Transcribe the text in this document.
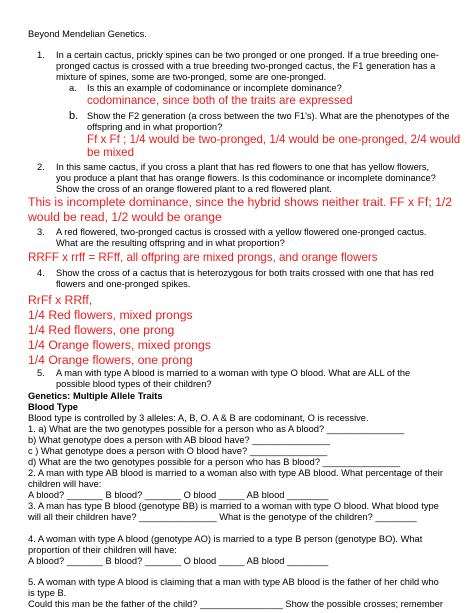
Beyond Mendelian Genetics.
1. In a certain cactus, prickly spines can be two pronged or one pronged. If a true breeding one-
pronged cactus is crossed with a true breeding two-pronged cactus, the F1 generation has a
mixture of spines, some are two-pronged, some are one-pronged.
a. Is this an example of codominance or incomplete dominance?
codominance, since both of the traits are expressed
b. Show the F2 generation (a cross between the two F1's). What are the phenotypes of the
offspring and in what proportion?
Ff x Ff ; 1/4 would be two-pronged, 1/4 would be one-pronged, 2/4 would
be mixed
2. In this same cactus, if you cross a plant that has red flowers to one that has yellow flowers,
you produce a plant that has orange flowers. Is this codominance or incomplete dominance?
Show the cross of an orange flowered plant to a red flowered plant.
This is incomplete dominance, since the hybrid shows neither trait. FF x Ff; 1/2
would be read, 1/2 would be orange
3. A red flowered, two-pronged cactus is crossed with a yellow flowered one-pronged cactus.
What are the resulting offspring and in what proportion?
RRFF x rrff = RFff, all offpring are mixed prongs, and orange flowers
4. Show the cross of a cactus that is heterozygous for both traits crossed with one that has red
flowers and one-pronged spikes.
RrFf x RRff,
1/4 Red flowers, mixed prongs
1/4 Red flowers, one prong
1/4 Orange flowers, mixed prongs
1/4 Orange flowers, one prong
5. A man with type A blood is married to a woman with type O blood. What are ALL of the
possible blood types of their children?
Genetics: Multiple Allele Traits
Blood Type
Blood type is controlled by 3 alleles: A, B, O. A & B are codominant, O is recessive.
1. a) What are the two genotypes possible for a person who as A blood? _______________
b) What genotype does a person with AB blood have? _______________
c ) What genotype does a person with O blood have? _______________
d) What are the two genotypes possible for a person who has B blood? _______________
2. A man with type AB blood is married to a woman also with type AB blood. What percentage of their
children will have:
A blood? _______ B blood? _______ O blood _____ AB blood ________
3. A man has type B blood (genotype BB) is married to a woman with type O blood. What blood type
will all their children have? _______________ What is the genotype of the children? ________
4. A woman with type A blood (genotype AO) is married to a type B person (genotype BO). What
proportion of their children will have:
A blood? _______ B blood? _______ O blood _____ AB blood ________
5. A woman with type A blood is claiming that a man with type AB blood is the father of her child who
is type B.
Could this man be the father of the child? ________________ Show the possible crosses; remember
